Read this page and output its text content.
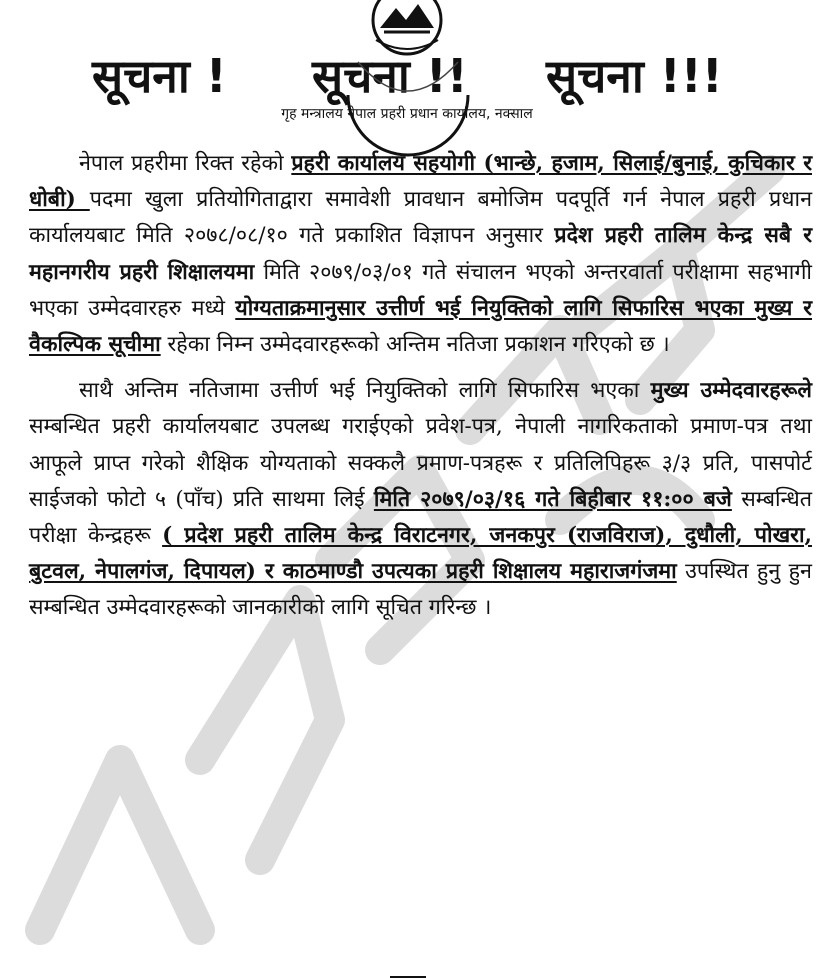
गृह मन्त्रालय नेपाल प्रहरी प्रधान कार्यालय, नक्साल
सूचना ! सूचना !! सूचना !!!

नेपाल प्रहरीमा रिक्त रहेको प्रहरी कार्यालय सहयोगी (भान्छे, हजाम, सिलाई/बुनाई, कुचिकार र धोबी) पदमा खुला प्रतियोगिताद्वारा समावेशी प्रावधान बमोजिम पदपूर्ति गर्न नेपाल प्रहरी प्रधान कार्यालयबाट मिति २०७८/०८/१० गते प्रकाशित विज्ञापन अनुसार प्रदेश प्रहरी तालिम केन्द्र सबै र महानगरीय प्रहरी शिक्षालयमा मिति २०७९/०३/०१ गते संचालन भएको अन्तरवार्ता परीक्षामा सहभागी भएका उम्मेदवारहरु मध्ये योग्यताक्रमानुसार उत्तीर्ण भई नियुक्तिको लागि सिफारिस भएका मुख्य र वैकल्पिक सूचीमा रहेका निम्न उम्मेदवारहरूको अन्तिम नतिजा प्रकाशन गरिएको छ ।

साथै अन्तिम नतिजामा उत्तीर्ण भई नियुक्तिको लागि सिफारिस भएका मुख्य उम्मेदवारहरूले सम्बन्धित प्रहरी कार्यालयबाट उपलब्ध गराईएको प्रवेश-पत्र, नेपाली नागरिकताको प्रमाण-पत्र तथा आफूले प्राप्त गरेको शैक्षिक योग्यताको सक्कलै प्रमाण-पत्रहरू र प्रतिलिपिहरू ३/३ प्रति, पासपोर्ट साईजको फोटो ५ (पाँच) प्रति साथमा लिई मिति २०७९/०३/१६ गते बिहीबार ११:०० बजे सम्बन्धित परीक्षा केन्द्रहरू ( प्रदेश प्रहरी तालिम केन्द्र विराटनगर, जनकपुर (राजविराज), दुधौली, पोखरा, बुटवल, नेपालगंज, दिपायल) र काठमाण्डौ उपत्यका प्रहरी शिक्षालय महाराजगंजमा उपस्थित हुनु हुन सम्बन्धित उम्मेदवारहरूको जानकारीको लागि सूचित गरिन्छ ।
